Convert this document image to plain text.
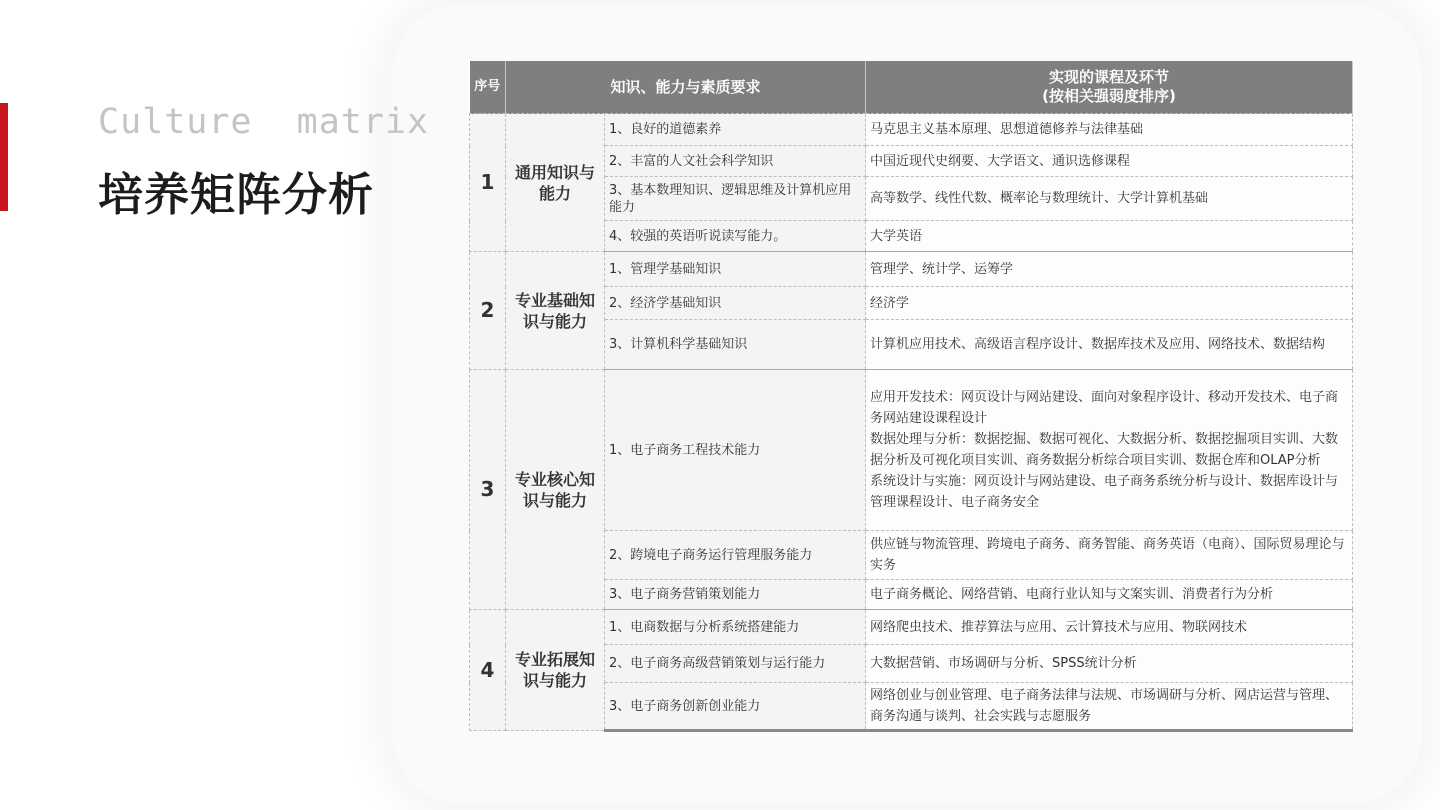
Culture  matrix
培养矩阵分析
序号	知识、能力与素质要求		实现的课程及环节
(按相关强弱度排序)

1	通用知识与能力	1、良好的道德素养	马克思主义基本原理、思想道德修养与法律基础
		2、丰富的人文社会科学知识	中国近现代史纲要、大学语文、通识选修课程
		3、基本数理知识、逻辑思维及计算机应用能力	高等数学、线性代数、概率论与数理统计、大学计算机基础
		4、较强的英语听说读写能力。	大学英语
2	专业基础知识与能力	1、管理学基础知识	管理学、统计学、运筹学
		2、经济学基础知识	经济学
		3、计算机科学基础知识	计算机应用技术、高级语言程序设计、数据库技术及应用、网络技术、数据结构
3	专业核心知识与能力	1、电子商务工程技术能力	应用开发技术：网页设计与网站建设、面向对象程序设计、移动开发技术、电子商务网站建设课程设计
数据处理与分析：数据挖掘、数据可视化、大数据分析、数据挖掘项目实训、大数据分析及可视化项目实训、商务数据分析综合项目实训、数据仓库和OLAP分析
系统设计与实施：网页设计与网站建设、电子商务系统分析与设计、数据库设计与管理课程设计、电子商务安全

		2、跨境电子商务运行管理服务能力	供应链与物流管理、跨境电子商务、商务智能、商务英语（电商）、国际贸易理论与实务
		3、电子商务营销策划能力	电子商务概论、网络营销、电商行业认知与文案实训、消费者行为分析
4	专业拓展知识与能力	1、电商数据与分析系统搭建能力	网络爬虫技术、推荐算法与应用、云计算技术与应用、物联网技术
		2、电子商务高级营销策划与运行能力	大数据营销、市场调研与分析、SPSS统计分析
		3、电子商务创新创业能力	网络创业与创业管理、电子商务法律与法规、市场调研与分析、网店运营与管理、商务沟通与谈判、社会实践与志愿服务
